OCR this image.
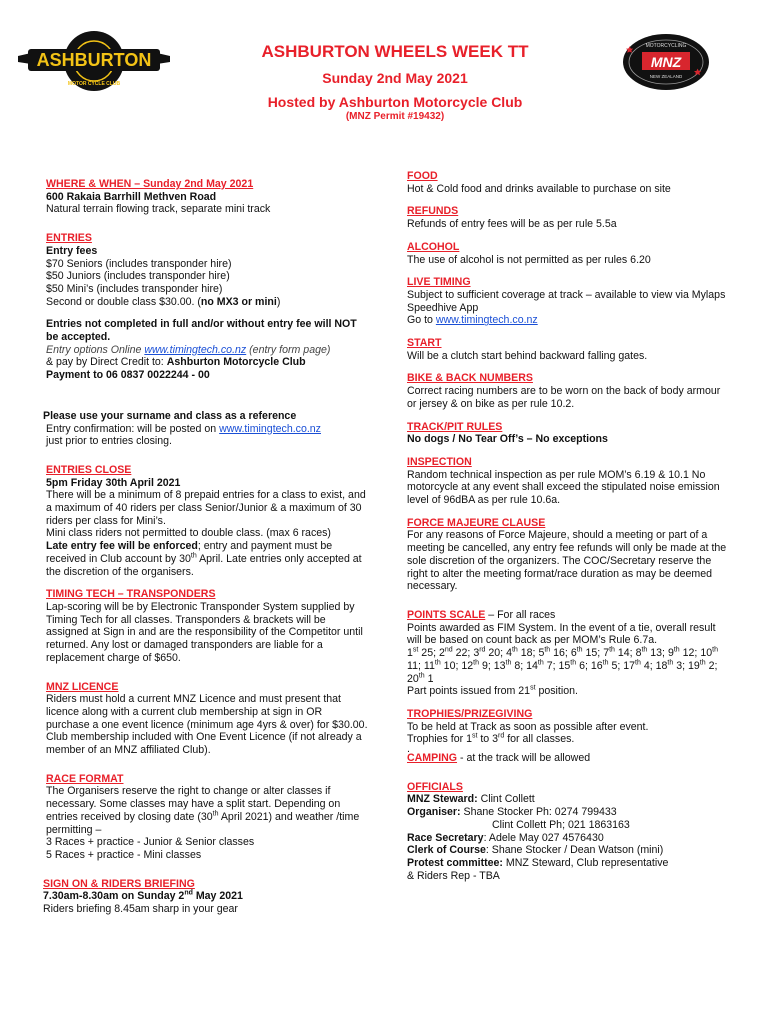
ASHBURTON
MOTOR CYCLE CLUB
MOTORCYCLING
MNZ
NEW ZEALAND
ASHBURTON WHEELS WEEK TT
Sunday 2nd May 2021
Hosted by Ashburton Motorcycle Club
(MNZ Permit #19432)
WHERE & WHEN – Sunday 2nd May 2021

600 Rakaia Barrhill Methven Road

Natural terrain flowing track, separate mini track

ENTRIES

Entry fees

$70 Seniors (includes transponder hire)

$50 Juniors (includes transponder hire)

$50 Mini’s (includes transponder hire)

Second or double class $30.00. (no MX3 or mini)

Entries not completed in full and/or without entry fee will NOT be accepted.

Entry options Online www.timingtech.co.nz (entry form page)

& pay by Direct Credit to: Ashburton Motorcycle Club

Payment to 06 0837 0022244 - 00

Please use your surname and class as a reference

Entry confirmation: will be posted on www.timingtech.co.nz

just prior to entries closing.

ENTRIES CLOSE

5pm Friday 30th April 2021

There will be a minimum of 8 prepaid entries for a class to exist, and a maximum of 40 riders per class Senior/Junior & a maximum of 30 riders per class for Mini’s.

Mini class riders not permitted to double class. (max 6 races)

Late entry fee will be enforced; entry and payment must be received in Club account by 30th April. Late entries only accepted at the discretion of the organisers.

TIMING TECH – TRANSPONDERS

Lap-scoring will be by Electronic Transponder System supplied by Timing Tech for all classes. Transponders & brackets will be assigned at Sign in and are the responsibility of the Competitor until returned. Any lost or damaged transponders are liable for a replacement charge of $650.

MNZ LICENCE

Riders must hold a current MNZ Licence and must present that licence along with a current club membership at sign in OR purchase a one event licence (minimum age 4yrs & over) for $30.00.

Club membership included with One Event Licence (if not already a member of an MNZ affiliated Club).

RACE FORMAT

The Organisers reserve the right to change or alter classes if necessary. Some classes may have a split start. Depending on entries received by closing date (30th April 2021) and weather /time permitting –

3 Races + practice - Junior & Senior classes

5 Races + practice - Mini classes

SIGN ON & RIDERS BRIEFING

7.30am-8.30am on Sunday 2nd May 2021

Riders briefing 8.45am sharp in your gear

FOOD

Hot & Cold food and drinks available to purchase on site

REFUNDS

Refunds of entry fees will be as per rule 5.5a

ALCOHOL

The use of alcohol is not permitted as per rules 6.20

LIVE TIMING

Subject to sufficient coverage at track – available to view via Mylaps Speedhive App

Go to www.timingtech.co.nz

START

Will be a clutch start behind backward falling gates.

BIKE & BACK NUMBERS

Correct racing numbers are to be worn on the back of body armour or jersey & on bike as per rule 10.2.

TRACK/PIT RULES

No dogs / No Tear Off’s – No exceptions

INSPECTION

Random technical inspection as per rule MOM’s 6.19 & 10.1 No motorcycle at any event shall exceed the stipulated noise emission level of 96dBA as per rule 10.6a.

FORCE MAJEURE CLAUSE

For any reasons of Force Majeure, should a meeting or part of a meeting be cancelled, any entry fee refunds will only be made at the sole discretion of the organizers. The COC/Secretary reserve the right to alter the meeting format/race duration as may be deemed necessary.

POINTS SCALE – For all races

Points awarded as FIM System. In the event of a tie, overall result will be based on count back as per MOM’s Rule 6.7a.

1st 25; 2nd 22; 3rd 20; 4th 18; 5th 16; 6th 15; 7th 14; 8th 13; 9th 12; 10th 11; 11th 10; 12th 9; 13th 8; 14th 7; 15th 6; 16th 5; 17th 4; 18th 3; 19th 2; 20th 1

Part points issued from 21st position.

TROPHIES/PRIZEGIVING

To be held at Track as soon as possible after event.

Trophies for 1st to 3rd for all classes.

.

CAMPING - at the track will be allowed

OFFICIALS

MNZ Steward: Clint Collett

Organiser: Shane Stocker Ph: 0274 799433

Clint Collett Ph; 021 1863163

Race Secretary: Adele May 027 4576430

Clerk of Course: Shane Stocker / Dean Watson (mini)

Protest committee: MNZ Steward, Club representative

& Riders Rep - TBA
